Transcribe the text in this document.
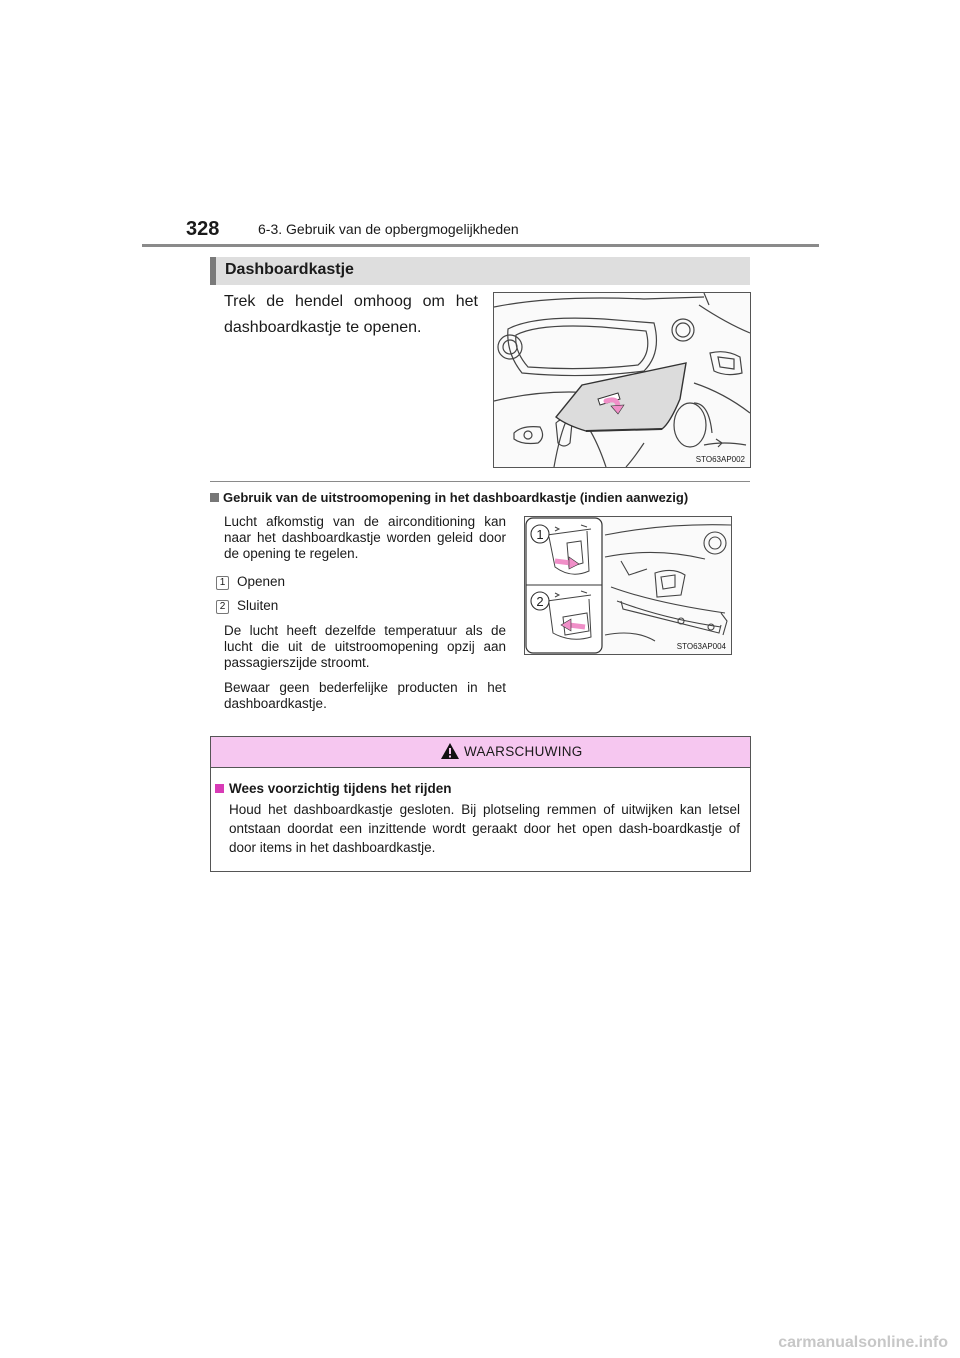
328	6-3. Gebruik van de opbergmogelijkheden
Dashboardkastje
Trek de hendel omhoog om het dashboardkastje te openen.
STO63AP002
Gebruik van de uitstroomopening in het dashboardkastje (indien aanwezig)
Lucht afkomstig van de airconditioning kan naar het dashboardkastje worden geleid door de opening te regelen.
1 Openen
2 Sluiten
De lucht heeft dezelfde temperatuur als de lucht die uit de uitstroomopening opzij aan passagierszijde stroomt.
Bewaar geen bederfelijke producten in het dashboardkastje.
1
2
STO63AP004
WAARSCHUWING
Wees voorzichtig tijdens het rijden
Houd het dashboardkastje gesloten. Bij plotseling remmen of uitwijken kan letsel ontstaan doordat een inzittende wordt geraakt door het open dash-boardkastje of door items in het dashboardkastje.
carmanualsonline.info
